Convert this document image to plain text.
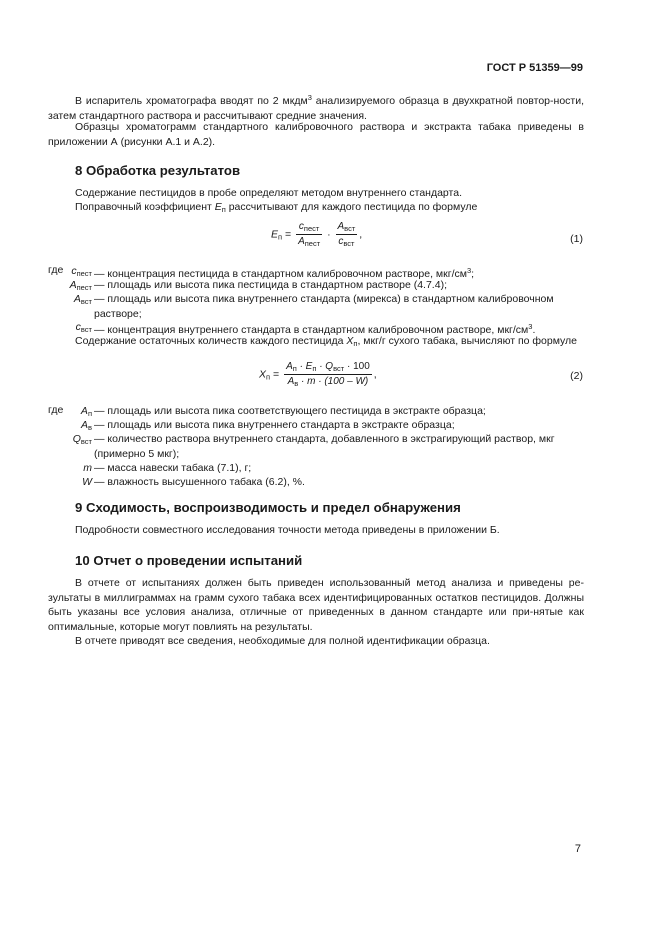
ГОСТ Р 51359—99
В испаритель хроматографа вводят по 2 мкдм$^3$ анализируемого образца в двухкратной повтор-ности, затем стандартного раствора и рассчитывают средние значения.
Образцы хроматограмм стандартного калибровочного раствора и экстракта табака приведены в приложении А (рисунки А.1 и А.2).
8 Обработка результатов
Содержание пестицидов в пробе определяют методом внутреннего стандарта.
Поправочный коэффициент $E_п$ рассчитывают для каждого пестицида по формуле
$E_п = \frac{c_{пест}}{A_{пест}} \cdot \frac{A_{вст}}{c_{вст}}$ ,	(1)
где $c_{пест}$ — концентрация пестицида в стандартном калибровочном растворе, мкг/$см^3$;
$A_{пест}$ — площадь или высота пика пестицида в стандартном растворе (4.7.4);
$A_{вст}$ — площадь или высота пика внутреннего стандарта (мирекса) в стандартном калибровочном растворе;
$c_{вст}$ — концентрация внутреннего стандарта в стандартном калибровочном растворе, мкг/$см^3$.
Содержание остаточных количеств каждого пестицида $X_п$, мкг/г сухого табака, вычисляют по формуле
$X_п = \frac{A_п \cdot E_п \cdot Q_{вст} \cdot 100}{A_в \cdot m \cdot (100 - W)}$ ,	(2)
где	$A_п$ — площадь или высота пика соответствующего пестицида в экстракте образца;
$A_в$ — площадь или высота пика внутреннего стандарта в экстракте образца;
$Q_{вст}$ — количество раствора внутреннего стандарта, добавленного в экстрагирующий раствор, мкг (примерно 5 мкг);
m — масса навески табака (7.1), г;
W — влажность высушенного табака (6.2), %.
9 Сходимость, воспроизводимость и предел обнаружения
Подробности совместного исследования точности метода приведены в приложении Б.
10 Отчет о проведении испытаний
В отчете от испытаниях должен быть приведен использованный метод анализа и приведены ре-зультаты в миллиграммах на грамм сухого табака всех идентифицированных остатков пестицидов. Должны быть указаны все условия анализа, отличные от приведенных в данном стандарте или при-нятые как оптимальные, которые могут повлиять на результаты.
В отчете приводят все сведения, необходимые для полной идентификации образца.
7
